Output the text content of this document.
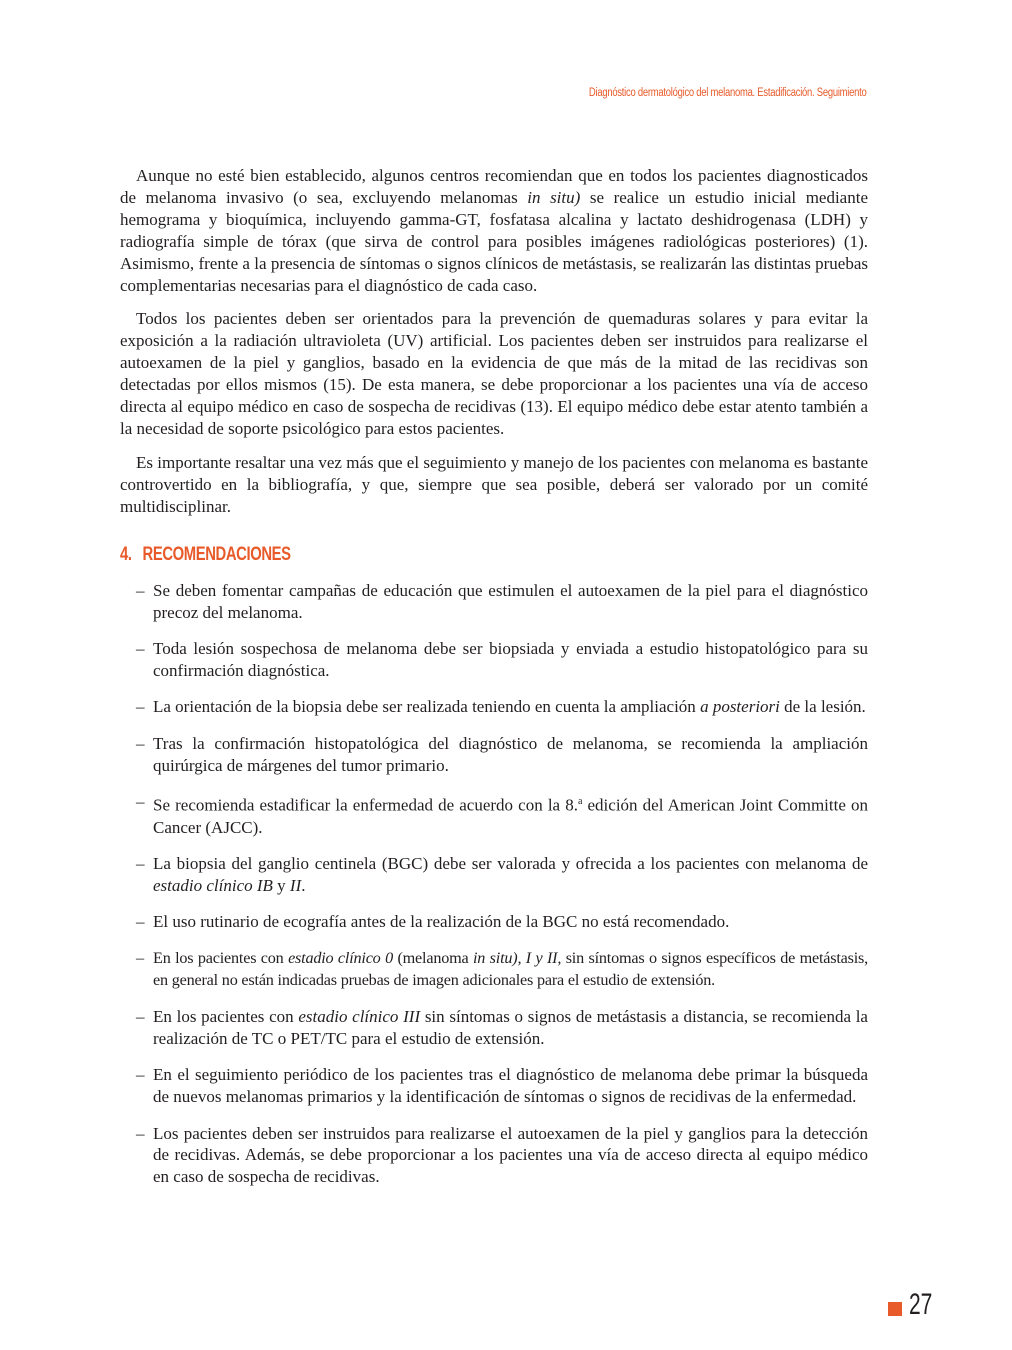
Diagnóstico dermatológico del melanoma. Estadificación. Seguimiento

Aunque no esté bien establecido, algunos centros recomiendan que en todos los pacientes diagnosticados de melanoma invasivo (o sea, excluyendo melanomas in situ) se realice un estudio inicial mediante hemograma y bioquímica, incluyendo gamma-GT, fosfatasa alcalina y lactato deshidrogenasa (LDH) y radiografía simple de tórax (que sirva de control para posibles imágenes radiológicas posteriores) (1). Asimismo, frente a la presencia de síntomas o signos clínicos de metástasis, se realizarán las distintas pruebas complementarias necesarias para el diagnóstico de cada caso.

Todos los pacientes deben ser orientados para la prevención de quemaduras solares y para evitar la exposición a la radiación ultravioleta (UV) artificial. Los pacientes deben ser instruidos para realizarse el autoexamen de la piel y ganglios, basado en la evidencia de que más de la mitad de las recidivas son detectadas por ellos mismos (15). De esta manera, se debe proporcionar a los pacientes una vía de acceso directa al equipo médico en caso de sospecha de recidivas (13). El equipo médico debe estar atento también a la necesidad de soporte psicológico para estos pacientes.

Es importante resaltar una vez más que el seguimiento y manejo de los pacientes con melanoma es bastante controvertido en la bibliografía, y que, siempre que sea posible, deberá ser valorado por un comité multidisciplinar.

4. RECOMENDACIONES
– Se deben fomentar campañas de educación que estimulen el autoexamen de la piel para el diagnóstico precoz del melanoma.
– Toda lesión sospechosa de melanoma debe ser biopsiada y enviada a estudio histopatológico para su confirmación diagnóstica.
– La orientación de la biopsia debe ser realizada teniendo en cuenta la ampliación a posteriori de la lesión.
– Tras la confirmación histopatológica del diagnóstico de melanoma, se recomienda la ampliación quirúrgica de márgenes del tumor primario.
– Se recomienda estadificar la enfermedad de acuerdo con la 8.$^a$ edición del American Joint Committe on Cancer (AJCC).
– La biopsia del ganglio centinela (BGC) debe ser valorada y ofrecida a los pacientes con melanoma de estadio clínico IB y II.
– El uso rutinario de ecografía antes de la realización de la BGC no está recomendado.
– En los pacientes con estadio clínico 0 (melanoma in situ), I y II, sin síntomas o signos específicos de metástasis, en general no están indicadas pruebas de imagen adicionales para el estudio de extensión.
– En los pacientes con estadio clínico III sin síntomas o signos de metástasis a distancia, se recomienda la realización de TC o PET/TC para el estudio de extensión.
– En el seguimiento periódico de los pacientes tras el diagnóstico de melanoma debe primar la búsqueda de nuevos melanomas primarios y la identificación de síntomas o signos de recidivas de la enfermedad.
– Los pacientes deben ser instruidos para realizarse el autoexamen de la piel y ganglios para la detección de recidivas. Además, se debe proporcionar a los pacientes una vía de acceso directa al equipo médico en caso de sospecha de recidivas.
27
